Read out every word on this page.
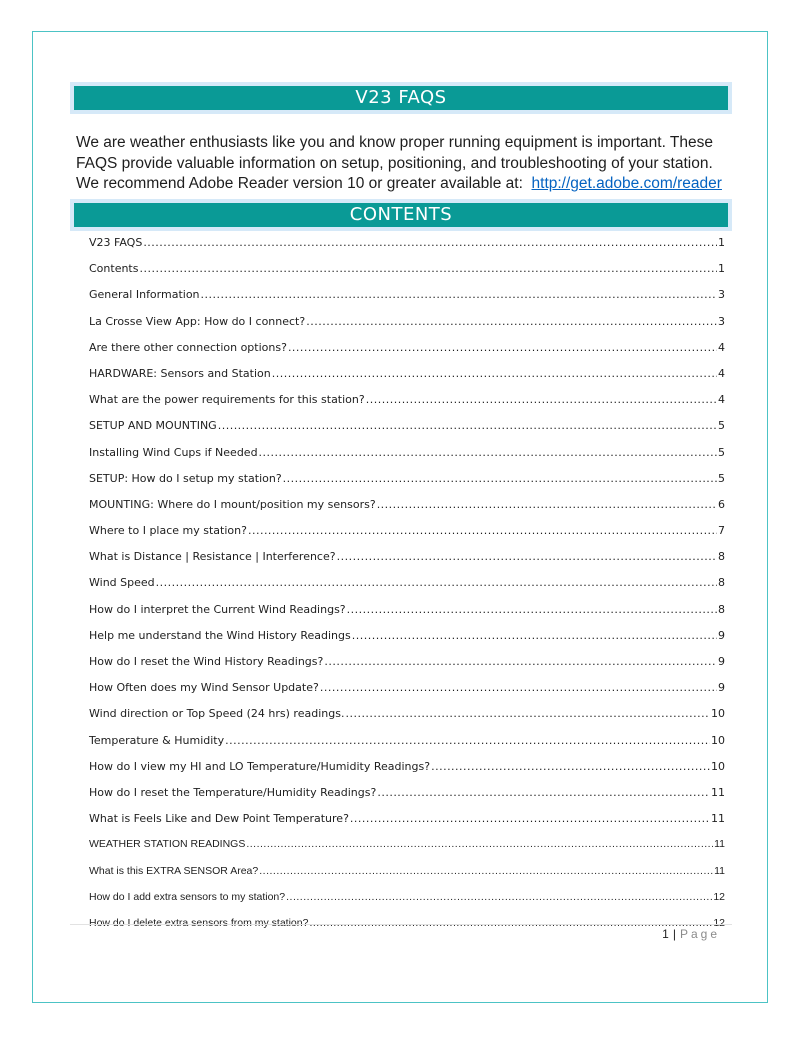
V23 FAQS

We are weather enthusiasts like you and know proper running equipment is important. These

FAQS provide valuable information on setup, positioning, and troubleshooting of your station.

We recommend Adobe Reader version 10 or greater available at: http://get.adobe.com/reader

CONTENTS
V23 FAQS .....	1
Contents .....	1
General Information .....	3
La Crosse View App: How do I connect? .....	3
Are there other connection options? .....	4
HARDWARE: Sensors and Station .....	4
What are the power requirements for this station? .....	4
SETUP AND MOUNTING .....	5
Installing Wind Cups if Needed .....	5
SETUP: How do I setup my station? .....	5
MOUNTING: Where do I mount/position my sensors? .....	6
Where to I place my station? .....	7
What is Distance | Resistance | Interference? .....	8
Wind Speed .....	8
How do I interpret the Current Wind Readings? .....	8
Help me understand the Wind History Readings .....	9
How do I reset the Wind History Readings? .....	9
How Often does my Wind Sensor Update? .....	9
Wind direction or Top Speed (24 hrs) readings. .....	10
Temperature & Humidity .....	10
How do I view my HI and LO Temperature/Humidity Readings? .....	10
How do I reset the Temperature/Humidity Readings? .....	11
What is Feels Like and Dew Point Temperature? .....	11
WEATHER STATION READINGS .....	11
What is this EXTRA SENSOR Area? .....	11
How do I add extra sensors to my station? .....	12
How do I delete extra sensors from my station? .....	12
1 | Page
